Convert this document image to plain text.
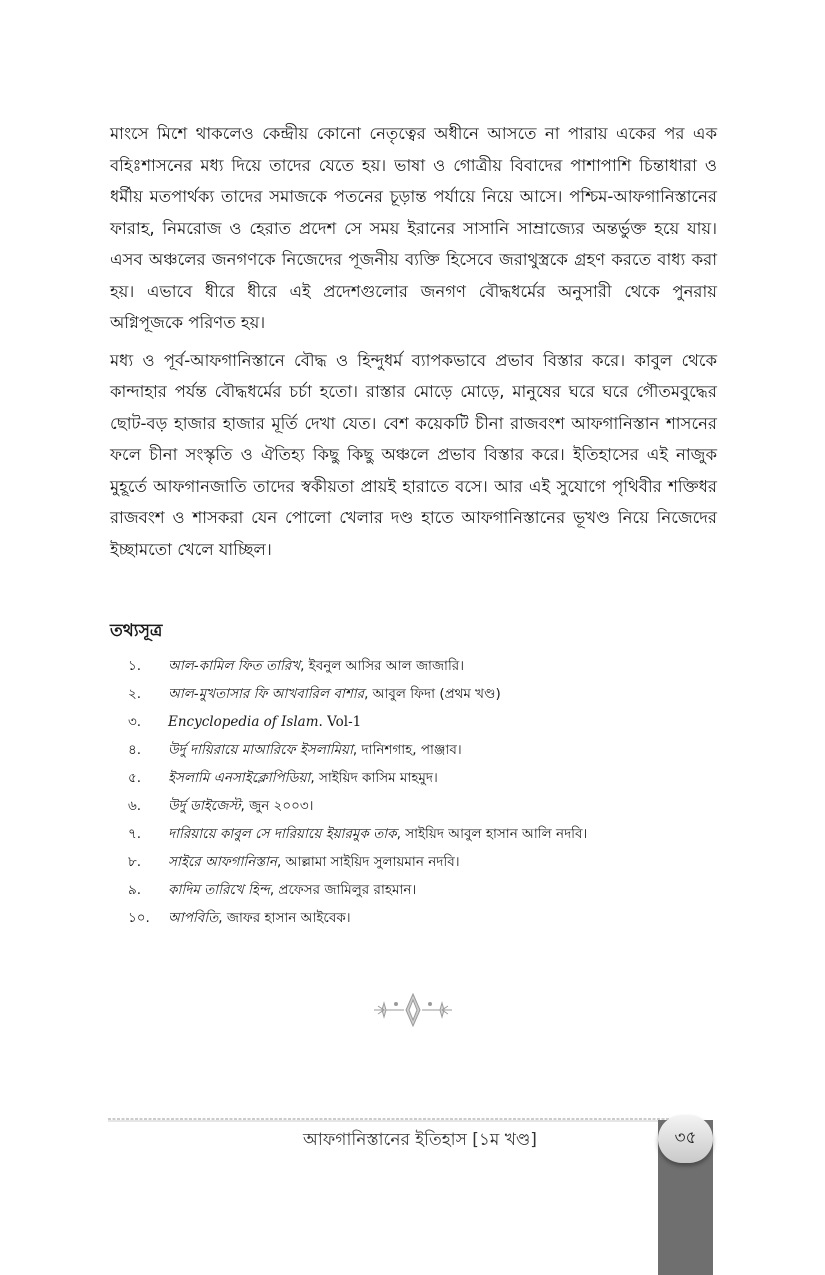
মাংসে মিশে থাকলেও কেন্দ্রীয় কোনো নেতৃত্বের অধীনে আসতে না পারায় একের পর এক বহিঃশাসনের মধ্য দিয়ে তাদের যেতে হয়। ভাষা ও গোত্রীয় বিবাদের পাশাপাশি চিন্তাধারা ও ধর্মীয় মতপার্থক্য তাদের সমাজকে পতনের চূড়ান্ত পর্যায়ে নিয়ে আসে। পশ্চিম-আফগানিস্তানের ফারাহ, নিমরোজ ও হেরাত প্রদেশ সে সময় ইরানের সাসানি সাম্রাজ্যের অন্তর্ভুক্ত হয়ে যায়। এসব অঞ্চলের জনগণকে নিজেদের পূজনীয় ব্যক্তি হিসেবে জরাথুস্ত্রকে গ্রহণ করতে বাধ্য করা হয়। এভাবে ধীরে ধীরে এই প্রদেশগুলোর জনগণ বৌদ্ধধর্মের অনুসারী থেকে পুনরায় অগ্নিপূজকে পরিণত হয়।

মধ্য ও পূর্ব-আফগানিস্তানে বৌদ্ধ ও হিন্দুধর্ম ব্যাপকভাবে প্রভাব বিস্তার করে। কাবুল থেকে কান্দাহার পর্যন্ত বৌদ্ধধর্মের চর্চা হতো। রাস্তার মোড়ে মোড়ে, মানুষের ঘরে ঘরে গৌতমবুদ্ধের ছোট-বড় হাজার হাজার মূর্তি দেখা যেত। বেশ কয়েকটি চীনা রাজবংশ আফগানিস্তান শাসনের ফলে চীনা সংস্কৃতি ও ঐতিহ্য কিছু কিছু অঞ্চলে প্রভাব বিস্তার করে। ইতিহাসের এই নাজুক মুহূর্তে আফগানজাতি তাদের স্বকীয়তা প্রায়ই হারাতে বসে। আর এই সুযোগে পৃথিবীর শক্তিধর রাজবংশ ও শাসকরা যেন পোলো খেলার দণ্ড হাতে আফগানিস্তানের ভূখণ্ড নিয়ে নিজেদের ইচ্ছামতো খেলে যাচ্ছিল।

তথ্যসূত্র
১.	আল-কামিল ফিত তারিখ, ইবনুল আসির আল জাজারি।
২.	আল-মুখতাসার ফি আখবারিল বাশার, আবুল ফিদা (প্রথম খণ্ড)
৩.	Encyclopedia of Islam. Vol-1
৪.	উর্দু দায়িরায়ে মাআরিফে ইসলামিয়া, দানিশগাহ, পাঞ্জাব।
৫.	ইসলামি এনসাইক্লোপিডিয়া, সাইয়িদ কাসিম মাহমুদ।
৬.	উর্দু ডাইজেস্ট, জুন ২০০৩।
৭.	দারিয়ায়ে কাবুল সে দারিয়ায়ে ইয়ারমুক তাক, সাইয়িদ আবুল হাসান আলি নদবি।
৮.	সাইরে আফগানিস্তান, আল্লামা সাইয়িদ সুলায়মান নদবি।
৯.	কাদিম তারিখে হিন্দ, প্রফেসর জামিলুর রাহমান।
১০.	আপবিতি, জাফর হাসান আইবেক।
আফগানিস্তানের ইতিহাস [১ম খণ্ড]	৩৫
